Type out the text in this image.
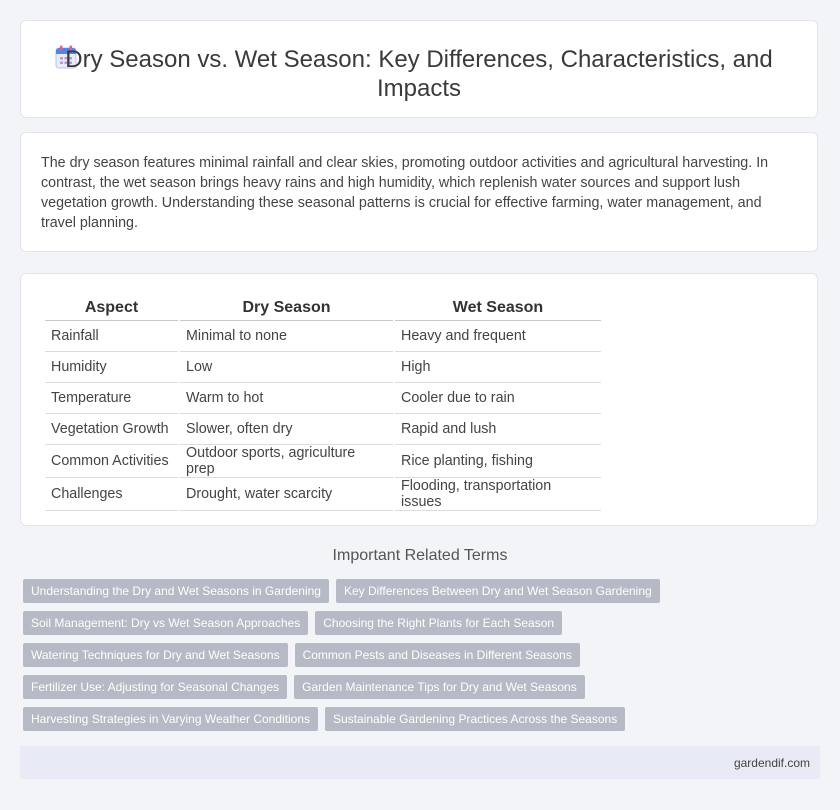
Dry Season vs. Wet Season: Key Differences, Characteristics, and Impacts

The dry season features minimal rainfall and clear skies, promoting outdoor activities and agricultural harvesting. In contrast, the wet season brings heavy rains and high humidity, which replenish water sources and support lush vegetation growth. Understanding these seasonal patterns is crucial for effective farming, water management, and travel planning.

Aspect	Dry Season	Wet Season
Rainfall	Minimal to none	Heavy and frequent
Humidity	Low	High
Temperature	Warm to hot	Cooler due to rain
Vegetation Growth	Slower, often dry	Rapid and lush
Common Activities	Outdoor sports, agriculture prep	Rice planting, fishing
Challenges	Drought, water scarcity	Flooding, transportation issues
Important Related Terms
Understanding the Dry and Wet Seasons in Gardening	Key Differences Between Dry and Wet Season Gardening
Soil Management: Dry vs Wet Season Approaches	Choosing the Right Plants for Each Season
Watering Techniques for Dry and Wet Seasons	Common Pests and Diseases in Different Seasons
Fertilizer Use: Adjusting for Seasonal Changes	Garden Maintenance Tips for Dry and Wet Seasons
Harvesting Strategies in Varying Weather Conditions	Sustainable Gardening Practices Across the Seasons
gardendif.com
